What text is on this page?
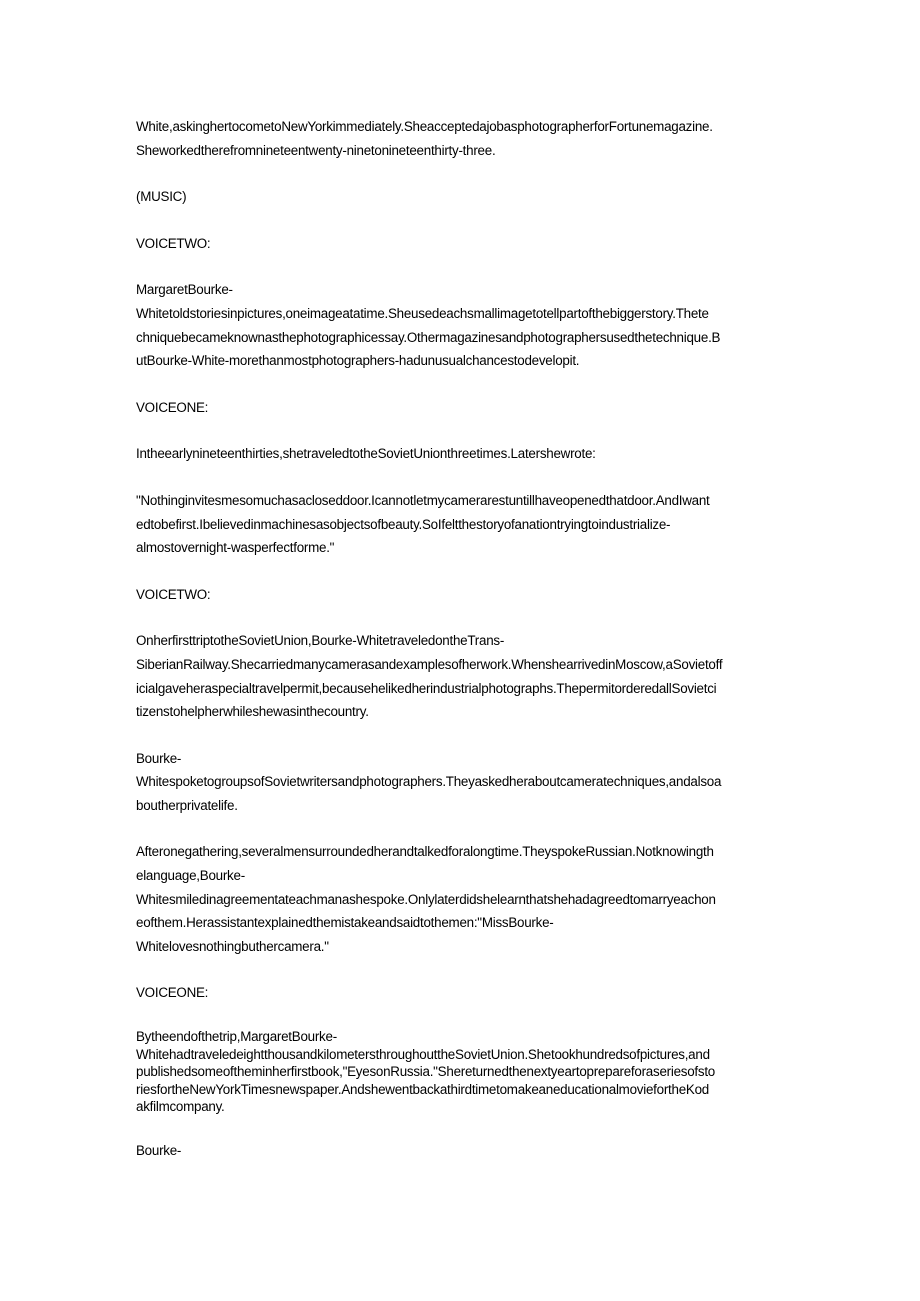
White,askinghertocometoNewYorkimmediately.SheacceptedajobasphotographerforFortunemagazine.
Sheworkedtherefromnineteentwenty-ninetonineteenthirty-three.
(MUSIC)
VOICETWO:
MargaretBourke-
Whitetoldstoriesinpictures,oneimageatatime.Sheusedeachsmallimagetotellpartofthebiggerstory.Thete
chniquebecameknownasthephotographicessay.Othermagazinesandphotographersusedthetechnique.B
utBourke-White-morethanmostphotographers-hadunusualchancestodevelopit.
VOICEONE:
Intheearlynineteenthirties,shetraveledtotheSovietUnionthreetimes.Latershewrote:
"Nothinginvitesmesomuchasacloseddoor.Icannotletmycamerarestuntillhaveopenedthatdoor.AndIwant
edtobefirst.Ibelievedinmachinesasobjectsofbeauty.SoIfeltthestoryofanationtryingtoindustrialize-
almostovernight-wasperfectforme."
VOICETWO:
OnherfirsttriptotheSovietUnion,Bourke-WhitetraveledontheTrans-
SiberianRailway.Shecarriedmanycamerasandexamplesofherwork.WhenshearrivedinMoscow,aSovietoff
icialgaveheraspecialtravelpermit,becausehelikedherindustrialphotographs.ThepermitorderedallSovietci
tizenstohelpherwhileshewasinthecountry.
Bourke-
WhitespoketogroupsofSovietwritersandphotographers.Theyaskedheraboutcameratechniques,andalsoa
boutherprivatelife.
Afteronegathering,severalmensurroundedherandtalkedforalongtime.TheyspokeRussian.Notknowingth
elanguage,Bourke-
Whitesmiledinagreementateachmanashespoke.Onlylaterdidshelearnthatshehadagreedtomarryeachon
eofthem.Herassistantexplainedthemistakeandsaidtothemen:"MissBourke-
Whitelovesnothingbuthercamera."
VOICEONE:
Bytheendofthetrip,MargaretBourke-
WhitehadtraveledeightthousandkilometersthroughouttheSovietUnion.Shetookhundredsofpictures,and
publishedsomeoftheminherfirstbook,"EyesonRussia."Shereturnedthenextyeartoprepareforaseriesofsto
riesfortheNewYorkTimesnewspaper.AndshewentbackathirdtimetomakeaneducationalmoviefortheKod
akfilmcompany.
Bourke-
